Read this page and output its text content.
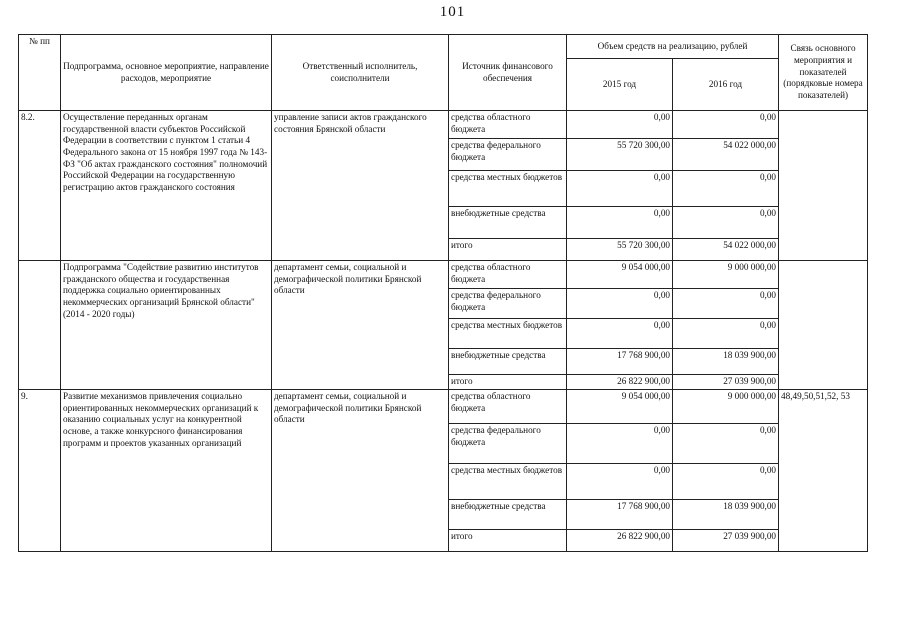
101
№ пп	Подпрограмма, основное мероприятие, направление расходов, мероприятие	Ответственный исполнитель, соисполнители	Источник финансового обеспечения	Объем средств на реализацию, рублей		Связь основного мероприятия и показателей (порядковые номера показателей)
				2015 год	2016 год	
8.2.	Осуществление переданных органам государственной власти субъектов Российской Федерации в соответствии с пунктом 1 статьи 4 Федерального закона от 15 ноября 1997 года № 143-ФЗ "Об актах гражданского состояния" полномочий Российской Федерации на государственную регистрацию актов гражданского состояния	управление записи актов гражданского состояния Брянской области	средства областного бюджета	0,00	0,00	
			средства федерального бюджета	55 720 300,00	54 022 000,00	
			средства местных бюджетов	0,00	0,00	
			внебюджетные средства	0,00	0,00	
			итого	55 720 300,00	54 022 000,00	
	Подпрограмма "Содействие развитию институтов гражданского общества и государственная поддержка социально ориентированных некоммерческих организаций Брянской области" (2014 - 2020 годы)	департамент семьи, социальной и демографической политики Брянской области	средства областного бюджета	9 054 000,00	9 000 000,00	
			средства федерального бюджета	0,00	0,00	
			средства местных бюджетов	0,00	0,00	
			внебюджетные средства	17 768 900,00	18 039 900,00	
			итого	26 822 900,00	27 039 900,00	
9.	Развитие механизмов привлечения социально ориентированных некоммерческих организаций к оказанию социальных услуг на конкурентной основе, а также конкурсного финансирования программ и проектов указанных организаций	департамент семьи, социальной и демографической политики Брянской области	средства областного бюджета	9 054 000,00	9 000 000,00	48,49,50,51,52, 53
			средства федерального бюджета	0,00	0,00	
			средства местных бюджетов	0,00	0,00	
			внебюджетные средства	17 768 900,00	18 039 900,00	
			итого	26 822 900,00	27 039 900,00	
